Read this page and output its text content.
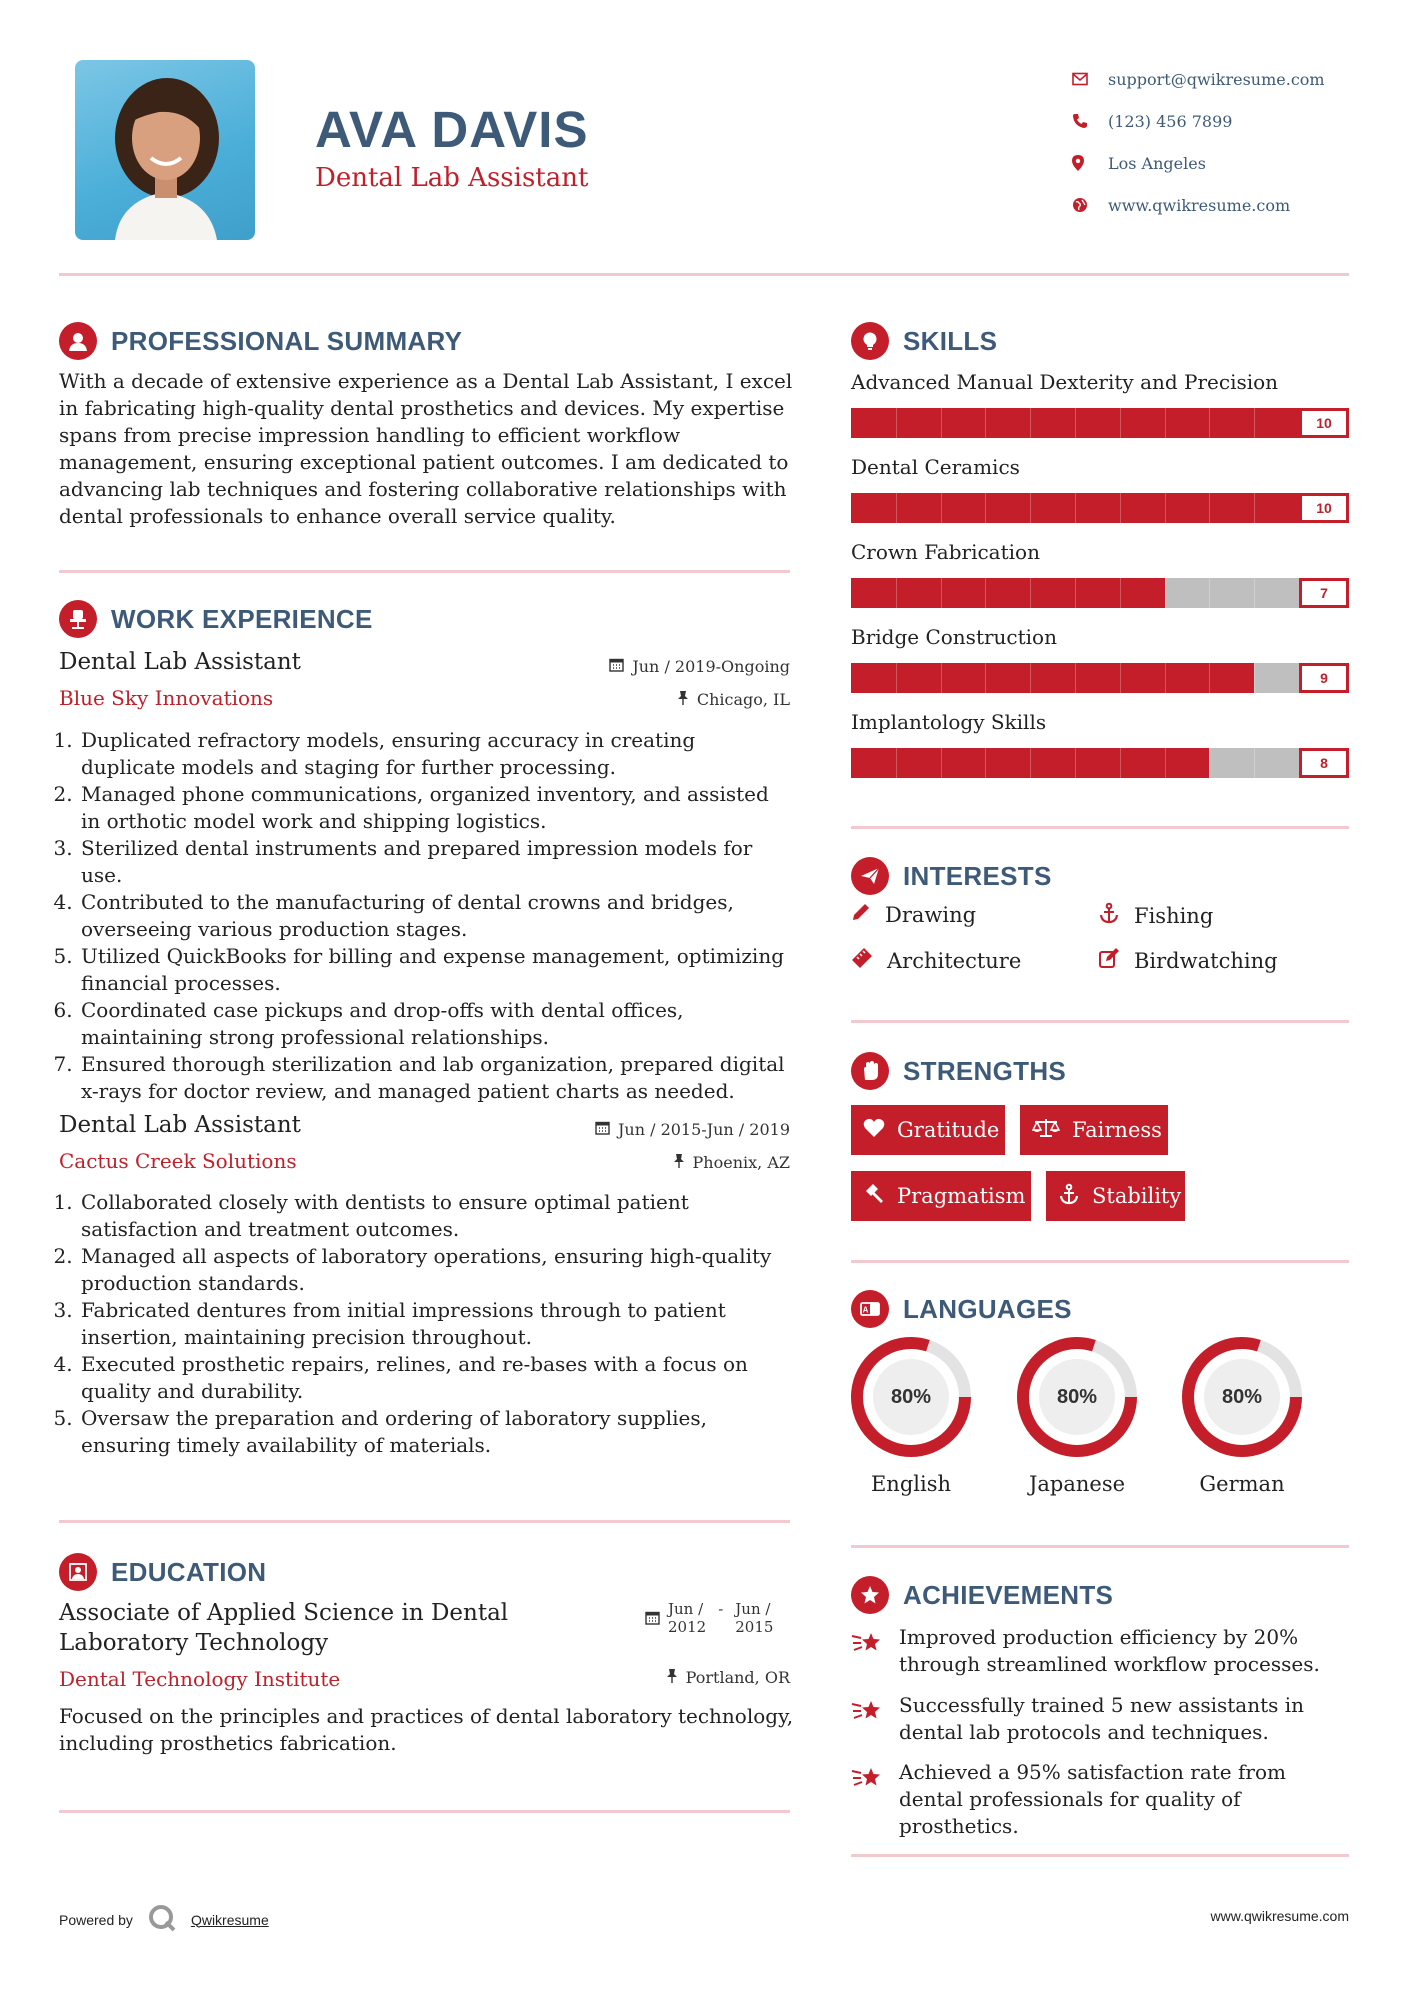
AVA DAVIS
Dental Lab Assistant
support@qwikresume.com
(123) 456 7899
Los Angeles
www.qwikresume.com
PROFESSIONAL SUMMARY
With a decade of extensive experience as a Dental Lab Assistant, I excel in fabricating high-quality dental prosthetics and devices. My expertise spans from precise impression handling to efficient workflow management, ensuring exceptional patient outcomes. I am dedicated to advancing lab techniques and fostering collaborative relationships with dental professionals to enhance overall service quality.
WORK EXPERIENCE
Dental Lab Assistant	Jun / 2019-Ongoing
Blue Sky Innovations	Chicago, IL
1. Duplicated refractory models, ensuring accuracy in creating duplicate models and staging for further processing.
2. Managed phone communications, organized inventory, and assisted in orthotic model work and shipping logistics.
3. Sterilized dental instruments and prepared impression models for use.
4. Contributed to the manufacturing of dental crowns and bridges, overseeing various production stages.
5. Utilized QuickBooks for billing and expense management, optimizing financial processes.
6. Coordinated case pickups and drop-offs with dental offices, maintaining strong professional relationships.
7. Ensured thorough sterilization and lab organization, prepared digital x-rays for doctor review, and managed patient charts as needed.
Dental Lab Assistant	Jun / 2015-Jun / 2019
Cactus Creek Solutions	Phoenix, AZ
1. Collaborated closely with dentists to ensure optimal patient satisfaction and treatment outcomes.
2. Managed all aspects of laboratory operations, ensuring high-quality production standards.
3. Fabricated dentures from initial impressions through to patient insertion, maintaining precision throughout.
4. Executed prosthetic repairs, relines, and re-bases with a focus on quality and durability.
5. Oversaw the preparation and ordering of laboratory supplies, ensuring timely availability of materials.
EDUCATION
Associate of Applied Science in Dental
Laboratory Technology
Jun /
2012
- Jun /
2015
Dental Technology Institute	Portland, OR
Focused on the principles and practices of dental laboratory technology, including prosthetics fabrication.
SKILLS
Advanced Manual Dexterity and Precision
10
Dental Ceramics
10
Crown Fabrication
7
Bridge Construction
9
Implantology Skills
8
INTERESTS
Drawing	Fishing
Architecture	Birdwatching
STRENGTHS
Gratitude	Fairness
Pragmatism	Stability
A LANGUAGES
80%
English
80%
Japanese
80%
German
ACHIEVEMENTS
Improved production efficiency by 20% through streamlined workflow processes.
Successfully trained 5 new assistants in dental lab protocols and techniques.
Achieved a 95% satisfaction rate from dental professionals for quality of prosthetics.
Powered by	Qwikresume	www.qwikresume.com
